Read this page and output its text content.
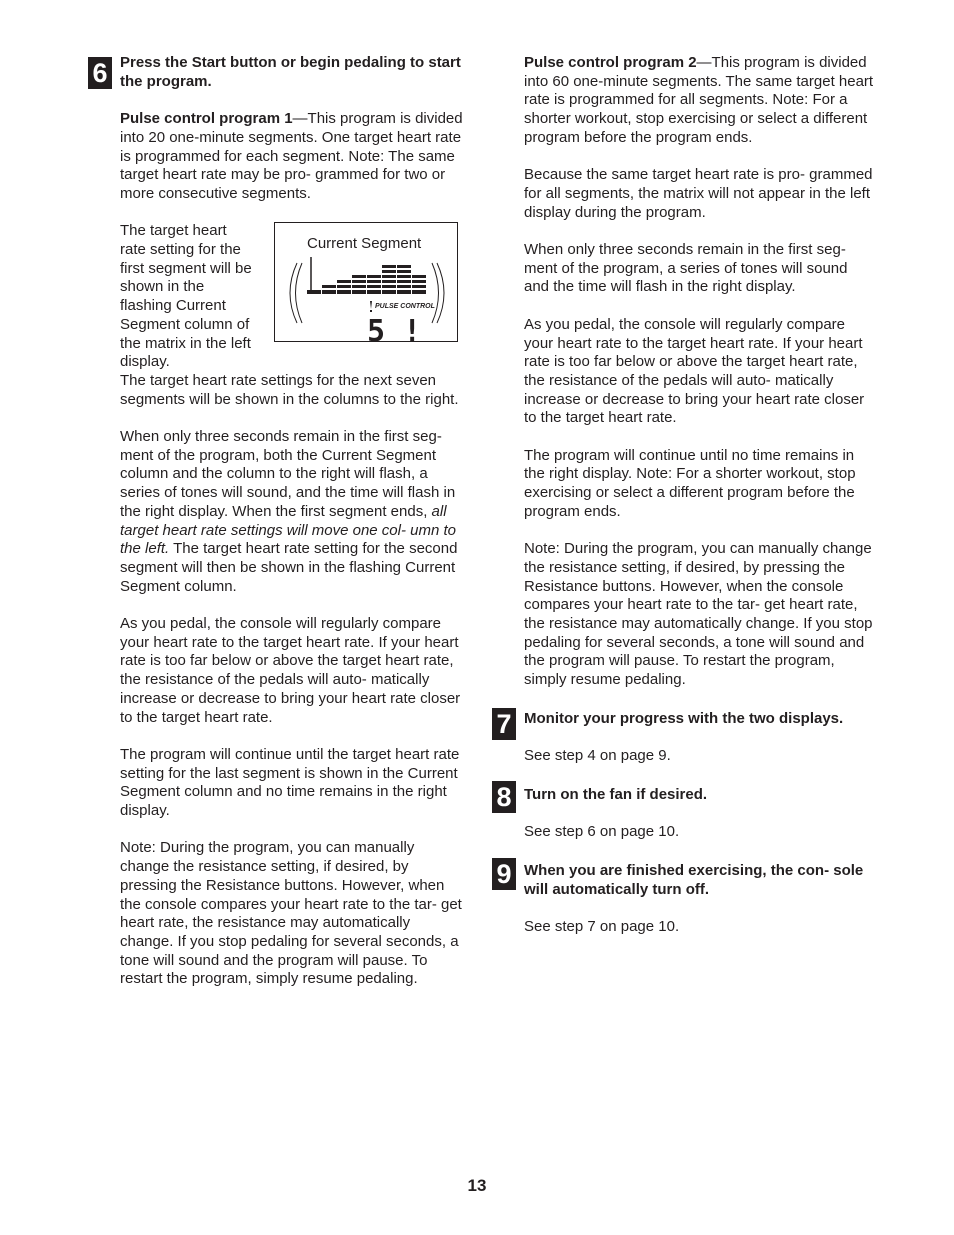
6 Press the Start button or begin pedaling to start the program.

Pulse control program 1—This program is divided into 20 one-minute segments. One target heart rate is programmed for each segment. Note: The same target heart rate may be pro- grammed for two or more consecutive segments.

The target heart rate setting for the first segment will be shown in the flashing Current Segment column of the matrix in the left display.
Current Segment
PULSE CONTROL
5 !

The target heart rate settings for the next seven segments will be shown in the columns to the right.

When only three seconds remain in the first seg- ment of the program, both the Current Segment column and the column to the right will flash, a series of tones will sound, and the time will flash in the right display. When the first segment ends, all target heart rate settings will move one col- umn to the left. The target heart rate setting for the second segment will then be shown in the flashing Current Segment column.

As you pedal, the console will regularly compare your heart rate to the target heart rate. If your heart rate is too far below or above the target heart rate, the resistance of the pedals will auto- matically increase or decrease to bring your heart rate closer to the target heart rate.

The program will continue until the target heart rate setting for the last segment is shown in the Current Segment column and no time remains in the right display.

Note: During the program, you can manually change the resistance setting, if desired, by pressing the Resistance buttons. However, when the console compares your heart rate to the tar- get heart rate, the resistance may automatically change. If you stop pedaling for several seconds, a tone will sound and the program will pause. To restart the program, simply resume pedaling.

Pulse control program 2—This program is divided into 60 one-minute segments. The same target heart rate is programmed for all segments. Note: For a shorter workout, stop exercising or select a different program before the program ends.

Because the same target heart rate is pro- grammed for all segments, the matrix will not appear in the left display during the program.

When only three seconds remain in the first seg- ment of the program, a series of tones will sound and the time will flash in the right display.

As you pedal, the console will regularly compare your heart rate to the target heart rate. If your heart rate is too far below or above the target heart rate, the resistance of the pedals will auto- matically increase or decrease to bring your heart rate closer to the target heart rate.

The program will continue until no time remains in the right display. Note: For a shorter workout, stop exercising or select a different program before the program ends.

Note: During the program, you can manually change the resistance setting, if desired, by pressing the Resistance buttons. However, when the console compares your heart rate to the tar- get heart rate, the resistance may automatically change. If you stop pedaling for several seconds, a tone will sound and the program will pause. To restart the program, simply resume pedaling.

7 Monitor your progress with the two displays.

See step 4 on page 9.

8 Turn on the fan if desired.

See step 6 on page 10.

9 When you are finished exercising, the con- sole will automatically turn off.

See step 7 on page 10.

13
